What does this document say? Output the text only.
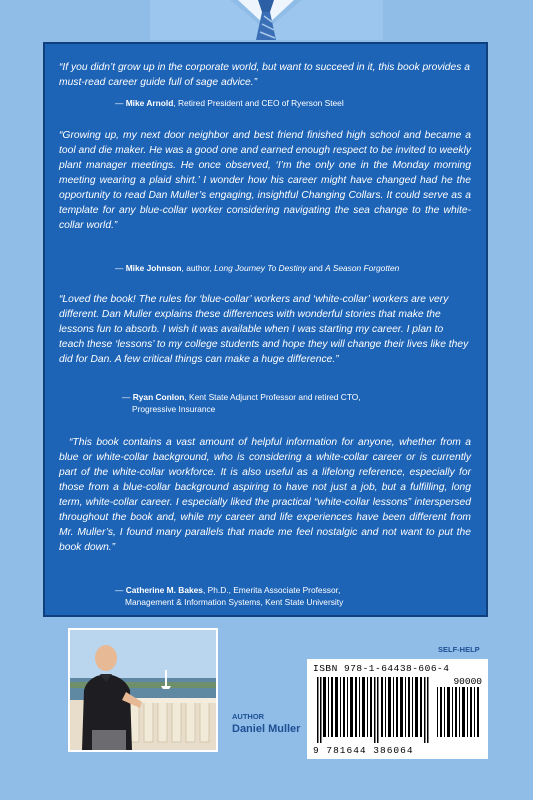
“If you didn’t grow up in the corporate world, but want to succeed in it, this book provides a must-read career guide full of sage advice.”

— Mike Arnold, Retired President and CEO of Ryerson Steel

“Growing up, my next door neighbor and best friend finished high school and became a tool and die maker. He was a good one and earned enough respect to be invited to weekly plant manager meetings. He once observed, ‘I’m the only one in the Monday morning meeting wearing a plaid shirt.’ I wonder how his career might have changed had he the opportunity to read Dan Muller’s engaging, insightful Changing Collars. It could serve as a template for any blue-collar worker considering navigating the sea change to the white-collar world.”

— Mike Johnson, author, Long Journey To Destiny and A Season Forgotten

“Loved the book! The rules for ‘blue-collar’ workers and ‘white-collar’ workers are very different. Dan Muller explains these differences with wonderful stories that make the lessons fun to absorb. I wish it was available when I was starting my career. I plan to teach these ‘lessons’ to my college students and hope they will change their lives like they did for Dan. A few critical things can make a huge difference.”

— Ryan Conlon, Kent State Adjunct Professor and retired CTO,
Progressive Insurance

“This book contains a vast amount of helpful information for anyone, whether from a blue or white-collar background, who is considering a white-collar career or is currently part of the white-collar workforce. It is also useful as a lifelong reference, especially for those from a blue-collar background aspiring to have not just a job, but a fulfilling, long term, white-collar career. I especially liked the practical “white-collar lessons” interspersed throughout the book and, while my career and life experiences have been different from Mr. Muller’s, I found many parallels that made me feel nostalgic and not want to put the book down.”

— Catherine M. Bakes, Ph.D., Emerita Associate Professor,
Management & Information Systems, Kent State University

AUTHOR
Daniel Muller
SELF-HELP
ISBN 978-1-64438-606-4
90000
9 781644 386064
